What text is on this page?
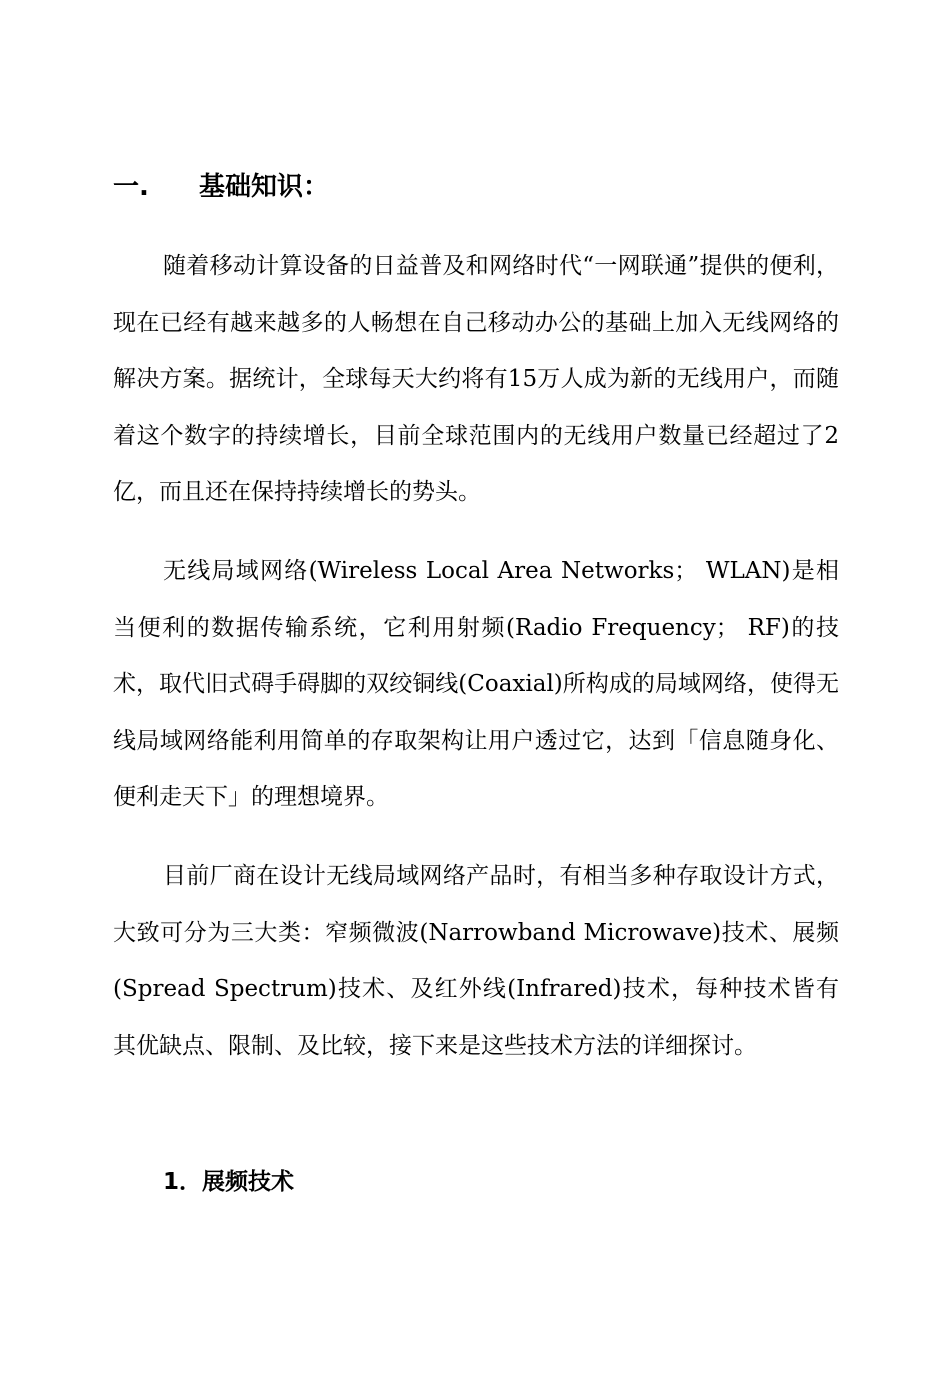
一. 基础知识：

随着移动计算设备的日益普及和网络时代“一网联通”提供的便利，现在已经有越来越多的人畅想在自己移动办公的基础上加入无线网络的解决方案。据统计，全球每天大约将有15万人成为新的无线用户，而随着这个数字的持续增长，目前全球范围内的无线用户数量已经超过了2亿，而且还在保持持续增长的势头。

无线局域网络(Wireless Local Area Networks； WLAN)是相当便利的数据传输系统，它利用射频(Radio Frequency； RF)的技术，取代旧式碍手碍脚的双绞铜线(Coaxial)所构成的局域网络，使得无线局域网络能利用简单的存取架构让用户透过它，达到「信息随身化、便利走天下」的理想境界。

目前厂商在设计无线局域网络产品时，有相当多种存取设计方式，大致可分为三大类：窄频微波(Narrowband Microwave)技术、展频(Spread Spectrum)技术、及红外线(Infrared)技术，每种技术皆有其优缺点、限制、及比较，接下来是这些技术方法的详细探讨。

1．展频技术
